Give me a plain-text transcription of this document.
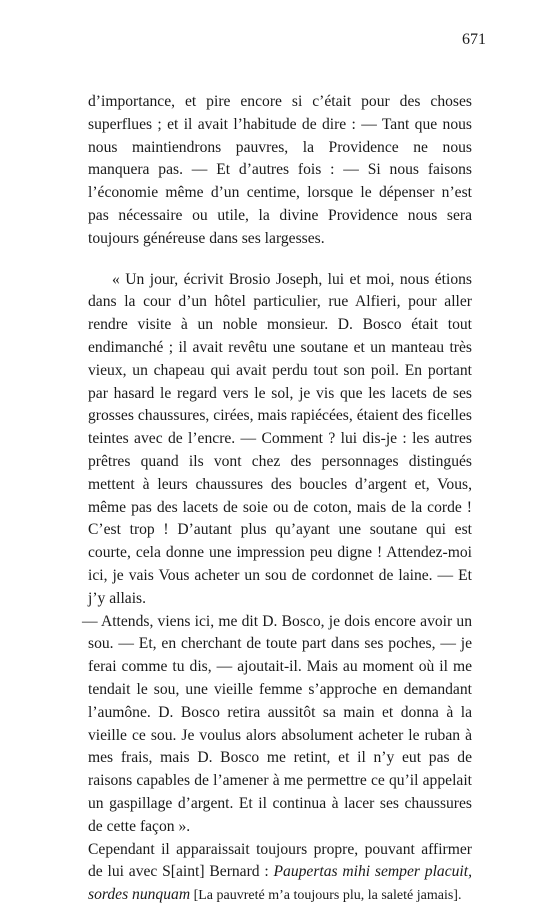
671

d’importance, et pire encore si c’était pour des choses superflues ; et il avait l’habitude de dire : — Tant que nous nous maintiendrons pauvres, la Providence ne nous manquera pas. — Et d’autres fois : — Si nous faisons l’économie même d’un centime, lorsque le dépenser n’est pas nécessaire ou utile, la divine Providence nous sera toujours généreuse dans ses largesses.

« Un jour, écrivit Brosio Joseph, lui et moi, nous étions dans la cour d’un hôtel particulier, rue Alfieri, pour aller rendre visite à un noble monsieur. D. Bosco était tout endimanché ; il avait revêtu une soutane et un manteau très vieux, un chapeau qui avait perdu tout son poil. En portant par hasard le regard vers le sol, je vis que les lacets de ses grosses chaussures, cirées, mais rapiécées, étaient des ficelles teintes avec de l’encre. — Comment ? lui dis-je : les autres prêtres quand ils vont chez des personnages distingués mettent à leurs chaussures des boucles d’argent et, Vous, même pas des lacets de soie ou de coton, mais de la corde ! C’est trop ! D’autant plus qu’ayant une soutane qui est courte, cela donne une impression peu digne ! Attendez-moi ici, je vais Vous acheter un sou de cordonnet de laine. — Et j’y allais.

— Attends, viens ici, me dit D. Bosco, je dois encore avoir un sou. — Et, en cherchant de toute part dans ses poches, — je ferai comme tu dis, — ajoutait-il. Mais au moment où il me tendait le sou, une vieille femme s’approche en demandant l’aumône. D. Bosco retira aussitôt sa main et donna à la vieille ce sou. Je voulus alors absolument acheter le ruban à mes frais, mais D. Bosco me retint, et il n’y eut pas de raisons capables de l’amener à me permettre ce qu’il appelait un gaspillage d’argent. Et il continua à lacer ses chaussures de cette façon ».

Cependant il apparaissait toujours propre, pouvant affirmer de lui avec S[aint] Bernard : Paupertas mihi semper placuit, sordes nunquam [La pauvreté m’a toujours plu, la saleté jamais].
